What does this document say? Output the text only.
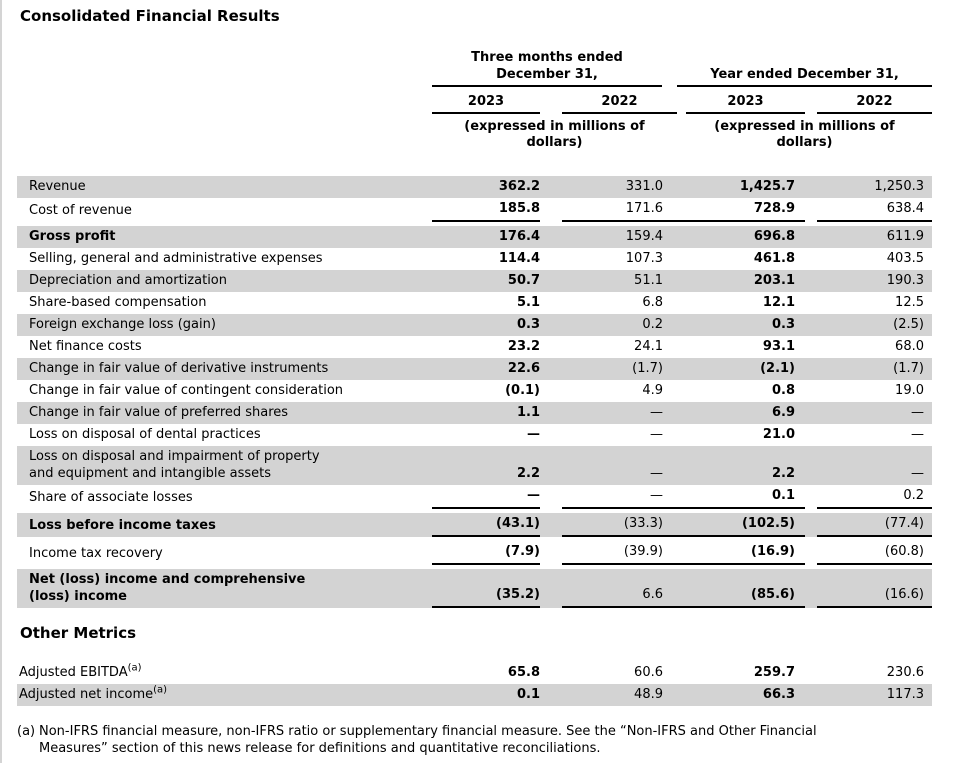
Consolidated Financial Results
Three months ended December 31,	Year ended December 31,
2023	2022	2023	2022
(expressed in millions of dollars)
(expressed in millions of dollars)
Revenue	362.2	331.0	1,425.7	1,250.3
Cost of revenue	185.8	171.6	728.9	638.4
Gross profit	176.4	159.4	696.8	611.9
Selling, general and administrative expenses	114.4	107.3	461.8	403.5
Depreciation and amortization	50.7	51.1	203.1	190.3
Share-based compensation	5.1	6.8	12.1	12.5
Foreign exchange loss (gain)	0.3	0.2	0.3	(2.5)
Net finance costs	23.2	24.1	93.1	68.0
Change in fair value of derivative instruments	22.6	(1.7)	(2.1)	(1.7)
Change in fair value of contingent consideration	(0.1)	4.9	0.8	19.0
Change in fair value of preferred shares	1.1	—	6.9	—
Loss on disposal of dental practices	—	—	21.0	—
Loss on disposal and impairment of property
and equipment and intangible assets	2.2	—	2.2	—
Share of associate losses	—	—	0.1	0.2
Loss before income taxes	(43.1)	(33.3)	(102.5)	(77.4)
Income tax recovery	(7.9)	(39.9)	(16.9)	(60.8)
Net (loss) income and comprehensive
(loss) income	(35.2)	6.6	(85.6)	(16.6)
Other Metrics
Adjusted EBITDA$^{(a)}$	65.8	60.6	259.7	230.6
Adjusted net income$^{(a)}$	0.1	48.9	66.3	117.3
(a) Non-IFRS financial measure, non-IFRS ratio or supplementary financial measure. See the “Non-IFRS and Other Financial Measures” section of this news release for definitions and quantitative reconciliations.
